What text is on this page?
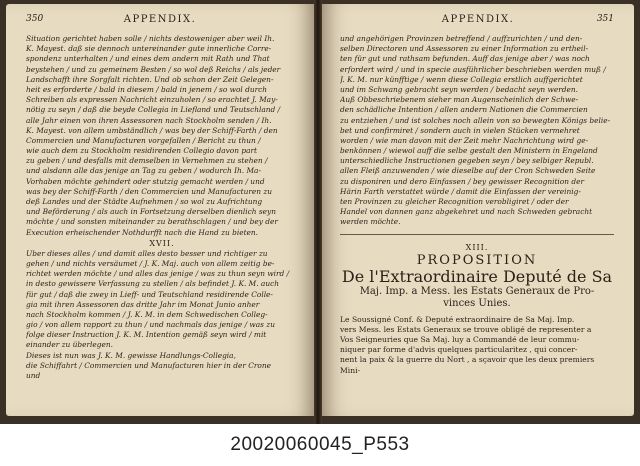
350	APPENDIX.
Situation gerichtet haben solle / nichts destoweniger aber weil Ih.
K. Mayest. daß sie dennoch untereinander gute innerliche Corre-
spondenz unterhalten / und eines dem andern mit Rath und That
beystehen / und zu gemeinem Besten / so wol deß Reichs / als jeder
Landschafft ihre Sorgfalt richten. Und ob schon der Zeit Gelegen-
heit es erforderte / bald in diesem / bald in jenem / so wol durch
Schreiben als expressen Nachricht einzuholen / so erachtet J. May-
nötig zu seyn / daß die beyde Collegia in Liefland und Teutschland /
alle Jahr einen von ihren Assessoren nach Stockholm senden / Ih.
K. Mayest. von allem umbständlich / was bey der Schiff-Farth / den
Commercien und Manufacturen vorgefallen / Bericht zu thun /
wie auch dem zu Stockholm residirenden Collegio davon part
zu geben / und desfalls mit demselben in Vernehmen zu stehen /
und alsdann alle das jenige an Tag zu geben / wodurch Ih. Ma-
Vorhaben möchte gehindert oder stutzig gemacht werden / und
was bey der Schiff-Farth / den Commercien und Manufacturen zu
deß Landes und der Städte Aufnehmen / so wol zu Aufrichtung
und Beförderung / als auch in Fortsetzung derselben dienlich seyn
möchte / und sonsten miteinander zu berathschlagen / und bey der
Execution erheischender Nothdurfft nach die Hand zu bieten.
XVII.
Uber dieses alles / und damit alles desto besser und richtiger zu
gehen / und nichts versäumet / J. K. Maj. auch von allem zeitig be-
richtet werden möchte / und alles das jenige / was zu thun seyn wird /
in desto gewissere Verfassung zu stellen / als befindet J. K. M. auch
für gut / daß die zwey in Lieff- und Teutschland residirende Colle-
gia mit ihren Assessoren das dritte Jahr im Monat Junio anher
nach Stockholm kommen / J. K. M. in dem Schwedischen Colleg-
gio / von allem rapport zu thun / und nachmals das jenige / was zu
folge dieser Instruction J. K. M. Intention gemäß seyn wird / mit
einander zu überlegen.
Dieses ist nun was J. K. M. gewisse Handlungs-Collegia,
die Schiffahrt / Commercien und Manufacturen hier in der Crone
und
APPENDIX.	351
und angehörigen Provinzen betreffend / auffzurichten / und den-
selben Directoren und Assessoren zu einer Information zu ertheil-
ten für gut und rathsam befunden. Auff das jenige aber / was noch
erfordert wird / und in specie ausführlicher beschrieben werden muß /
J. K. M. nur künfftige / wenn diese Collegia erstlich auffgerichtet
und im Schwang gebracht seyn werden / bedacht seyn werden.
Auß Obbeschriebenem sieher man Augenscheinlich der Schwe-
den schädliche Intention / allen andern Nationen die Commercien
zu entziehen / und ist solches noch allein von so bewegten Königs belie-
bet und confirmiret / sondern auch in vielen Stücken vermehret
worden / wie man davon mit der Zeit mehr Nachrichtung wird ge-
benkönnen / wiewol auff die selbe gestalt den Ministern in Engeland
unterschiedliche Instructionen gegeben seyn / bey selbiger Republ.
allen Fleiß anzuwenden / wie dieselbe auf der Cron Schweden Seite
zu disponiren und dero Einfassen / bey gewisser Recognition der
Härin Farth verstattet würde / damit die Einfassen der vereinig-
ten Provinzen zu gleicher Recognition verobligiret / oder der
Handel von dannen ganz abgekehret und nach Schweden gebracht
werden möchte.
XIII.
PROPOSITION
De l'Extraordinaire Deputé de Sa
Maj. Imp. a Mess. les Estats Generaux de Pro-
vinces Unies.
Le Soussigné Conf. & Deputé extraordinaire de Sa Maj. Imp.
vers Mess. les Estats Generaux se trouve obligé de representer a
Vos Seigneuries que Sa Maj. luy a Commandé de leur commu-
niquer par forme d'advis quelques particularitez , qui concer-
nent la paix & la guerre du Nort , a sçavoir que les deux premiers
Mini-
20020060045_P553
